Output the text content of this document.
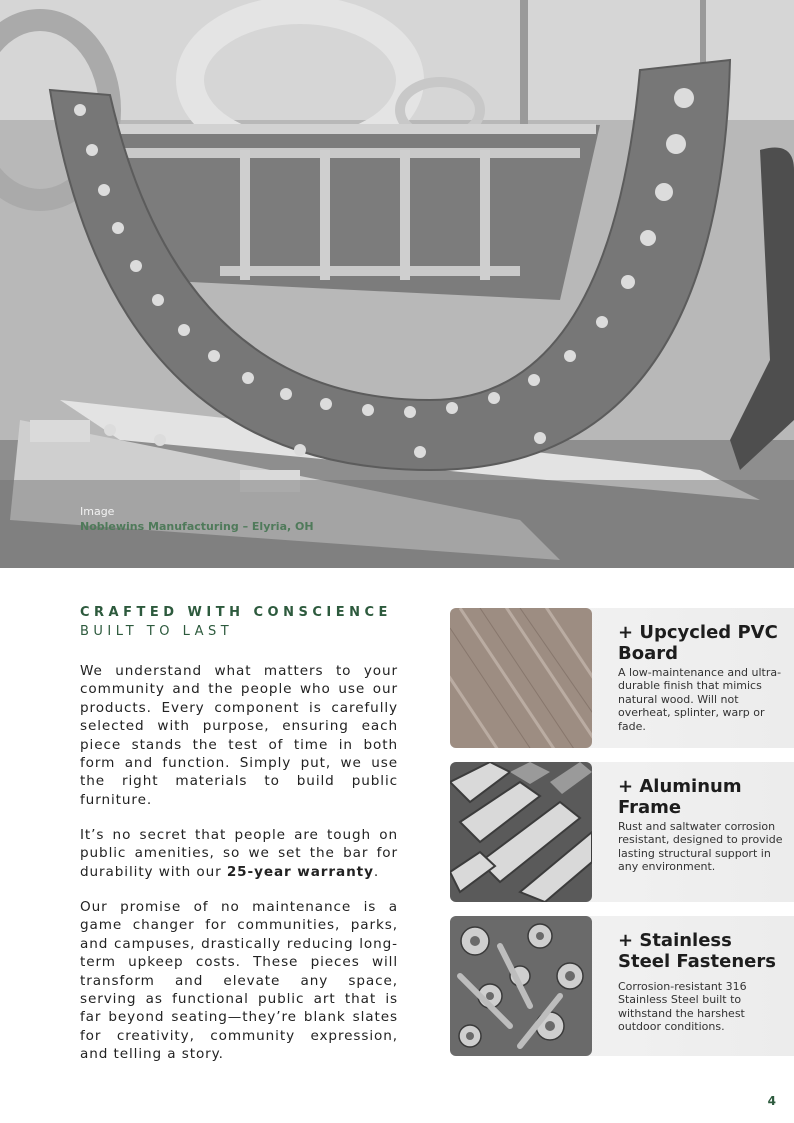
Image
Noblewins Manufacturing – Elyria, OH
CRAFTED WITH CONSCIENCE
BUILT TO LAST

We understand what matters to your community and the people who use our products. Every component is carefully selected with purpose, ensuring each piece stands the test of time in both form and function. Simply put, we use the right materials to build public furniture.

It’s no secret that people are tough on public amenities, so we set the bar for durability with our 25-year warranty.

Our promise of no maintenance is a game changer for communities, parks, and campuses, drastically reducing long-term upkeep costs. These pieces will transform and elevate any space, serving as functional public art that is far beyond seating—they’re blank slates for creativity, community expression, and telling a story.

+ Upcycled PVC Board

A low-maintenance and ultra-durable finish that mimics natural wood. Will not overheat, splinter, warp or fade.

+ Aluminum Frame

Rust and saltwater corrosion resistant, designed to provide lasting structural support in any environment.

+ Stainless Steel Fasteners

Corrosion-resistant 316 Stainless Steel built to withstand the harshest outdoor conditions.

4
